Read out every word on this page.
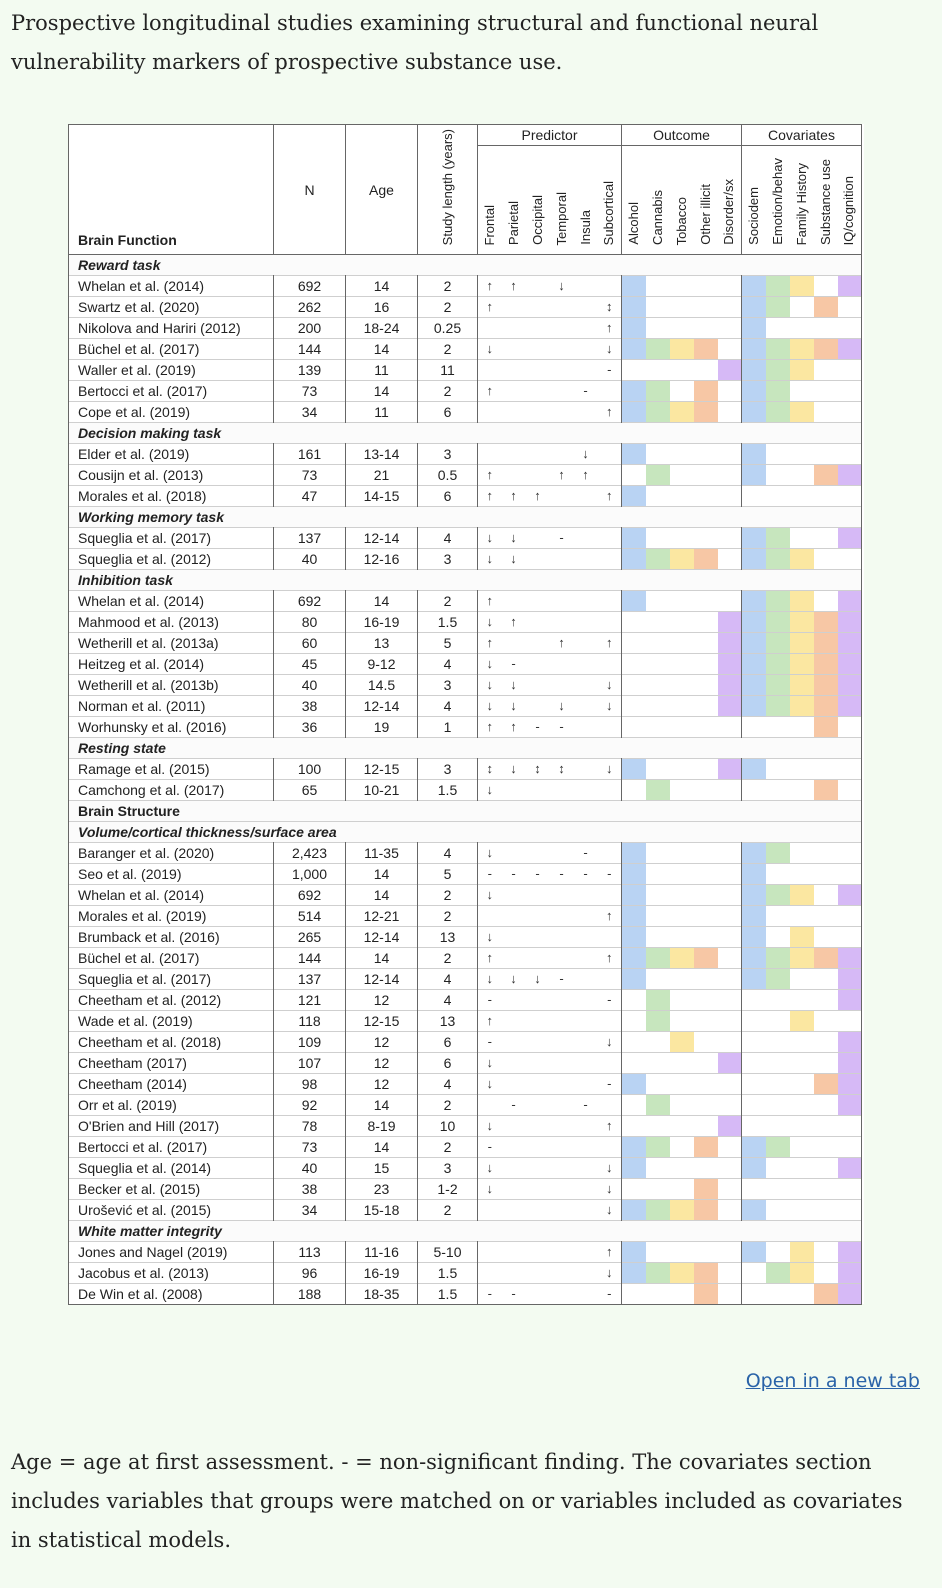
Prospective longitudinal studies examining structural and functional neural vulnerability markers of prospective substance use.

Brain Function	N	Age	Study length (years)	Predictor						Outcome					Covariates				
				Frontal	Parietal	Occipital	Temporal	Insula	Subcortical	Alcohol	Cannabis	Tobacco	Other illicit	Disorder/sx	Sociodem	Emotion/behav	Family History	Substance use	IQ/cognition
Reward task																			
Whelan et al. (2014)	692	14	2	↑	↑		↓												
Swartz et al. (2020)	262	16	2	↑					↕										
Nikolova and Hariri (2012)	200	18-24	0.25						↑										
Büchel et al. (2017)	144	14	2	↓					↓										
Waller et al. (2019)	139	11	11						-										
Bertocci et al. (2017)	73	14	2	↑				-											
Cope et al. (2019)	34	11	6						↑										
Decision making task																			
Elder et al. (2019)	161	13-14	3					↓											
Cousijn et al. (2013)	73	21	0.5	↑			↑	↑											
Morales et al. (2018)	47	14-15	6	↑	↑	↑			↑										
Working memory task																			
Squeglia et al. (2017)	137	12-14	4	↓	↓		-												
Squeglia et al. (2012)	40	12-16	3	↓	↓														
Inhibition task																			
Whelan et al. (2014)	692	14	2	↑															
Mahmood et al. (2013)	80	16-19	1.5	↓	↑														
Wetherill et al. (2013a)	60	13	5	↑			↑		↑										
Heitzeg et al. (2014)	45	9-12	4	↓	-														
Wetherill et al. (2013b)	40	14.5	3	↓	↓				↓										
Norman et al. (2011)	38	12-14	4	↓	↓		↓		↓										
Worhunsky et al. (2016)	36	19	1	↑	↑	-	-												
Resting state																			
Ramage et al. (2015)	100	12-15	3	↕	↓	↕	↕		↓										
Camchong et al. (2017)	65	10-21	1.5	↓															
Brain Structure																			
Volume/cortical thickness/surface area																			
Baranger et al. (2020)	2,423	11-35	4	↓				-											
Seo et al. (2019)	1,000	14	5	-	-	-	-	-	-										
Whelan et al. (2014)	692	14	2	↓															
Morales et al. (2019)	514	12-21	2						↑										
Brumback et al. (2016)	265	12-14	13	↓															
Büchel et al. (2017)	144	14	2	↑					↑										
Squeglia et al. (2017)	137	12-14	4	↓	↓	↓	-												
Cheetham et al. (2012)	121	12	4	-					-										
Wade et al. (2019)	118	12-15	13	↑															
Cheetham et al. (2018)	109	12	6	-					↓										
Cheetham (2017)	107	12	6	↓															
Cheetham (2014)	98	12	4	↓					-										
Orr et al. (2019)	92	14	2		-			-											
O'Brien and Hill (2017)	78	8-19	10	↓					↑										
Bertocci et al. (2017)	73	14	2	-															
Squeglia et al. (2014)	40	15	3	↓					↓										
Becker et al. (2015)	38	23	1-2	↓					↓										
Urošević et al. (2015)	34	15-18	2						↓										
White matter integrity																			
Jones and Nagel (2019)	113	11-16	5-10						↑										
Jacobus et al. (2013)	96	16-19	1.5						↓										
De Win et al. (2008)	188	18-35	1.5	-	-				-										
Open in a new tab

Age = age at first assessment. - = non-significant finding. The covariates section includes variables that groups were matched on or variables included as covariates in statistical models.
